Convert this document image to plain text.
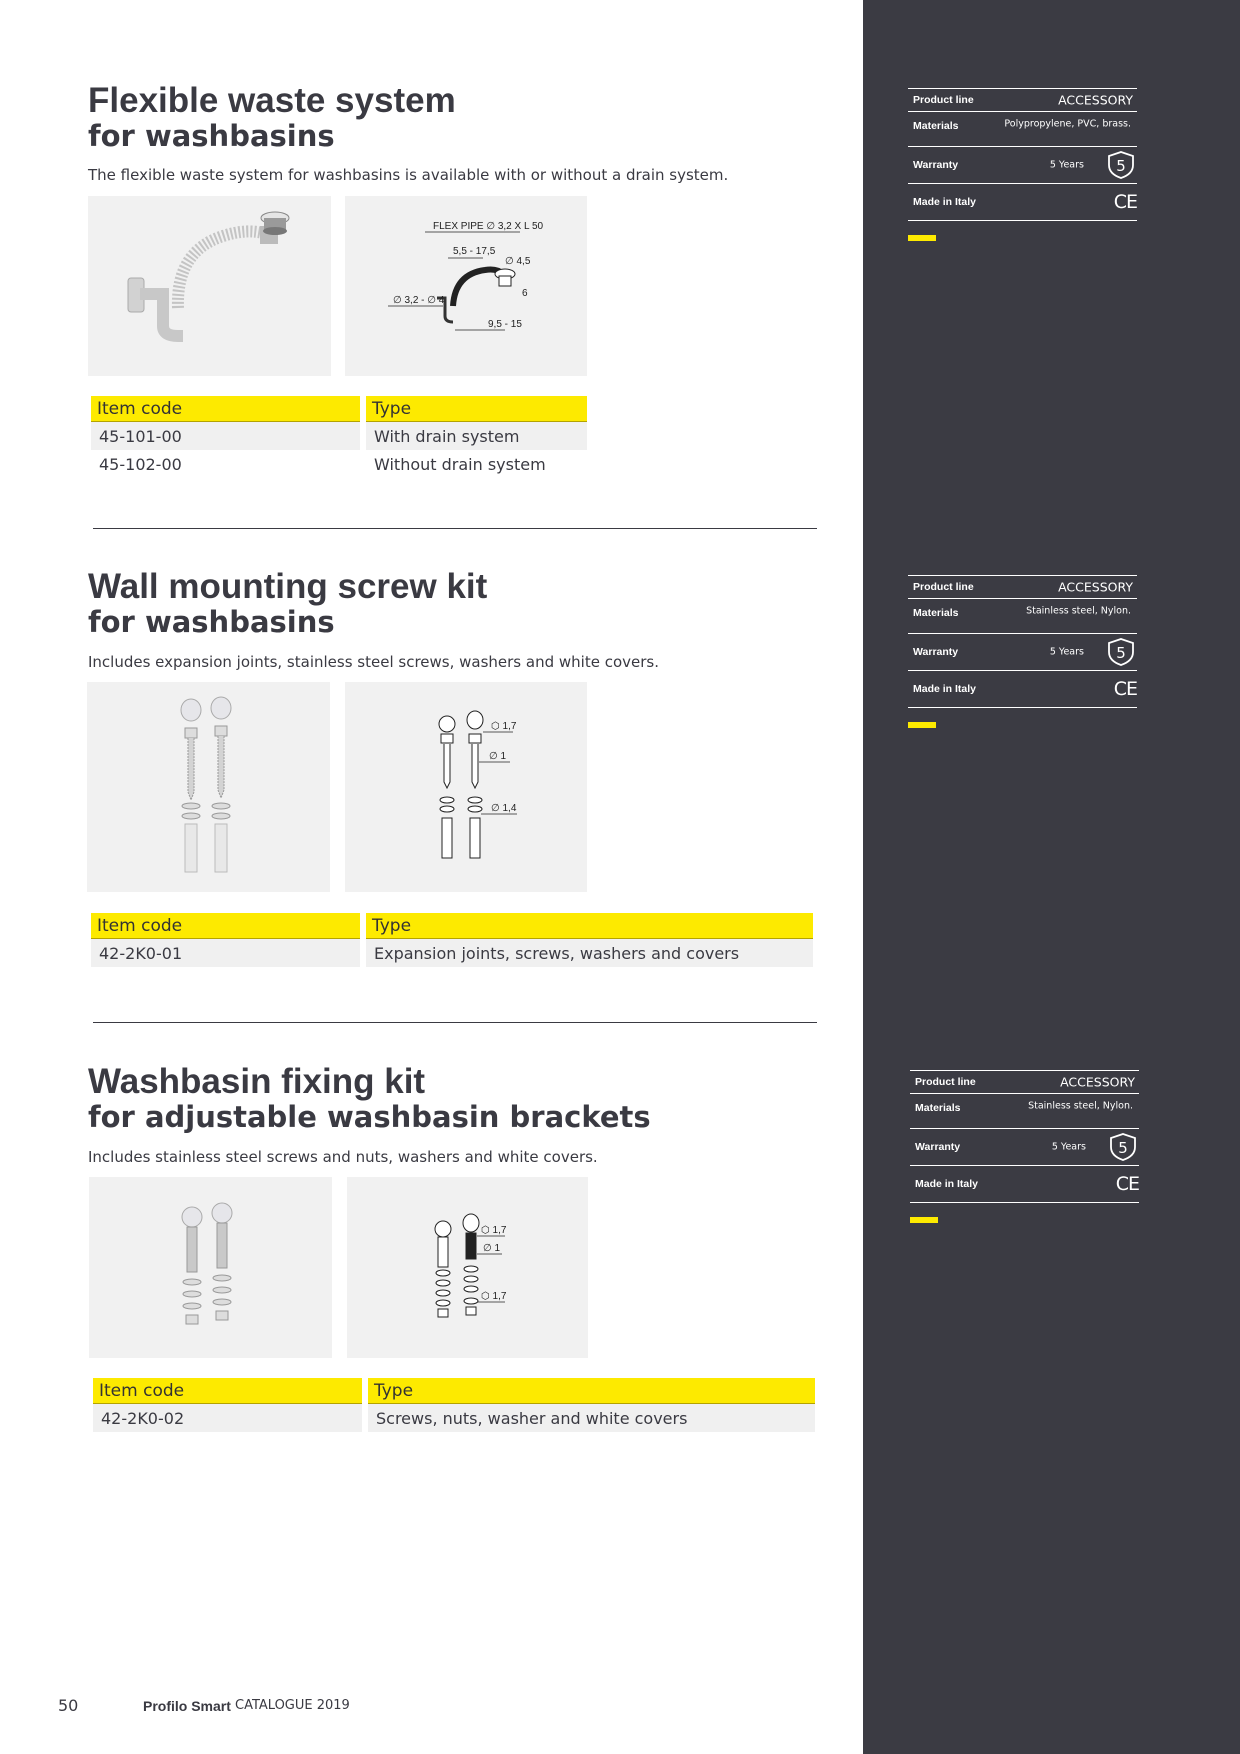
Flexible waste system
for washbasins

The flexible waste system for washbasins is available with or without a drain system.

FLEX PIPE ∅ 3,2 X L 50
5,5 - 17,5
∅ 4,5
∅ 3,2 - ∅ 4
9,5 - 15
6
Item code		Type
45-101-00		With drain system
45-102-00		Without drain system
Product line	ACCESSORY
Materials	Polypropylene, PVC, brass.
Warranty	5 Years 5
Made in Italy	CE
Wall mounting screw kit
for washbasins

Includes expansion joints, stainless steel screws, washers and white covers.

⬡ 1,7
∅ 1
∅ 1,4
Item code		Type
42-2K0-01		Expansion joints, screws, washers and covers
Product line	ACCESSORY
Materials	Stainless steel, Nylon.
Warranty	5 Years 5
Made in Italy	CE
Washbasin fixing kit
for adjustable washbasin brackets

Includes stainless steel screws and nuts, washers and white covers.

⬡ 1,7
∅ 1
⬡ 1,7
Item code		Type
42-2K0-02		Screws, nuts, washer and white covers
Product line	ACCESSORY
Materials	Stainless steel, Nylon.
Warranty	5 Years 5
Made in Italy	CE
50	Profilo Smart CATALOGUE 2019
